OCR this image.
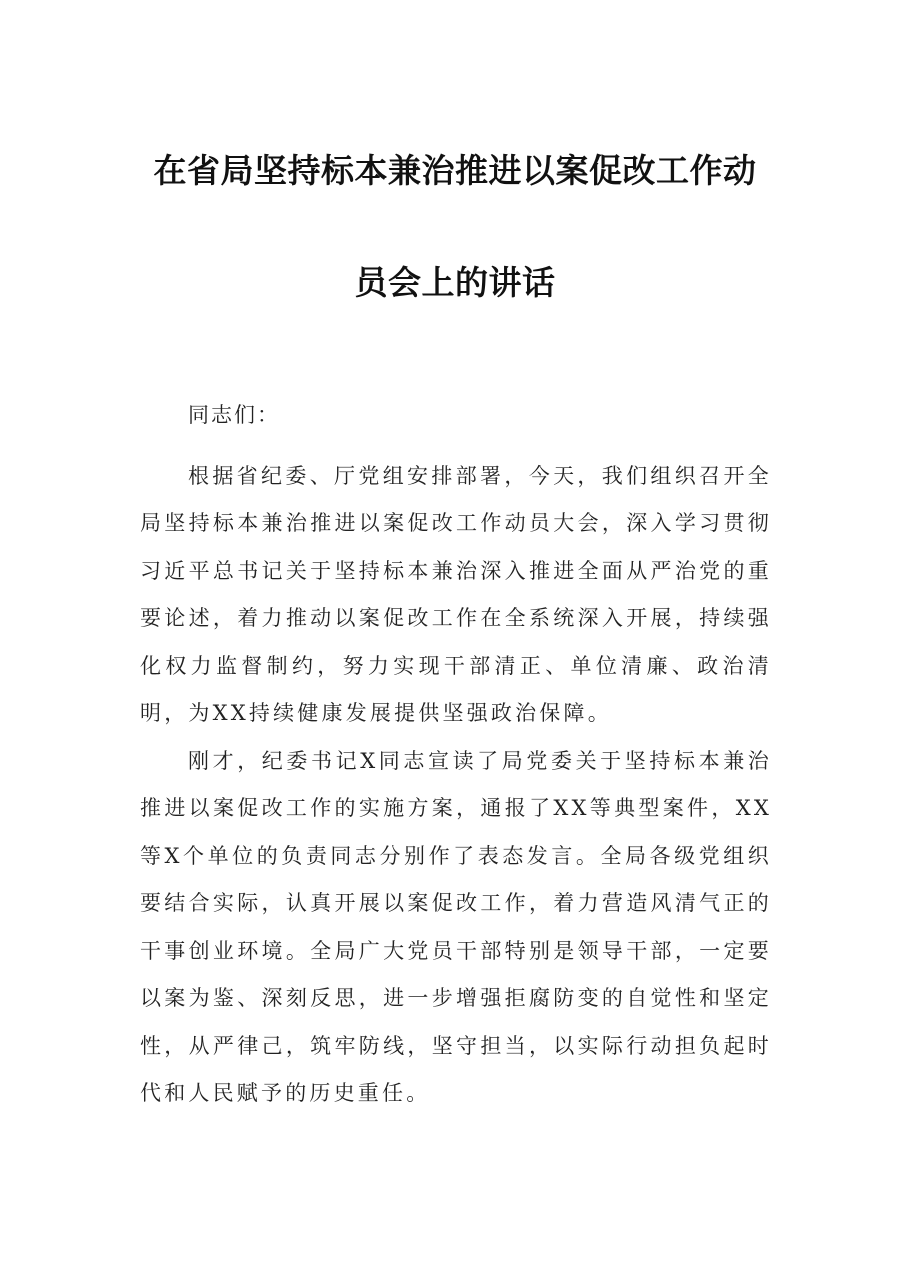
在省局坚持标本兼治推进以案促改工作动
员会上的讲话

同志们：

根据省纪委、厅党组安排部署，今天，我们组织召开全局坚持标本兼治推进以案促改工作动员大会，深入学习贯彻习近平总书记关于坚持标本兼治深入推进全面从严治党的重要论述，着力推动以案促改工作在全系统深入开展，持续强化权力监督制约，努力实现干部清正、单位清廉、政治清明，为XX持续健康发展提供坚强政治保障。

刚才，纪委书记X同志宣读了局党委关于坚持标本兼治推进以案促改工作的实施方案，通报了XX等典型案件，XX等X个单位的负责同志分别作了表态发言。全局各级党组织要结合实际，认真开展以案促改工作，着力营造风清气正的干事创业环境。全局广大党员干部特别是领导干部，一定要以案为鉴、深刻反思，进一步增强拒腐防变的自觉性和坚定性，从严律己，筑牢防线，坚守担当，以实际行动担负起时代和人民赋予的历史重任。
